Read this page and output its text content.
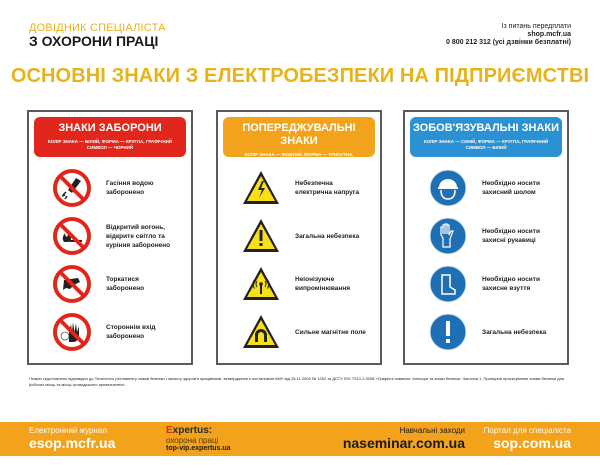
ДОВІДНИК СПЕЦІАЛІСТА
З ОХОРОНИ ПРАЦІ
Із питань передплати
shop.mcfr.ua
0 800 212 312 (усі дзвінки безплатні)
ОСНОВНІ ЗНАКИ З ЕЛЕКТРОБЕЗПЕКИ НА ПІДПРИЄМСТВІ
ЗНАКИ ЗАБОРОНИ
КОЛІР ЗНАКА — БІЛИЙ, ФОРМА — КРУГЛА, ГРАФІЧНИЙ СИМВОЛ — ЧОРНИЙ
Гасіння водою заборонено
Відкритий вогонь, відкрите світло та куріння заборонено
Торкатися заборонено
Стороннім вхід заборонено
ПОПЕРЕДЖУВАЛЬНІ ЗНАКИ
КОЛІР ЗНАКА — ЖОВТИЙ, ФОРМА — ТРИКУТНА, ГРАФІЧНИЙ СИМВОЛ — ЧОРНИЙ
Небезпечна електрична напруга
Загальна небезпека
Неіонізуюче випромінювання
Сильне магнітне поле
ЗОБОВ'ЯЗУВАЛЬНІ ЗНАКИ
КОЛІР ЗНАКА — СИНІЙ, ФОРМА — КРУГЛА, ГРАФІЧНИЙ СИМВОЛ — БІЛИЙ
Необхідно носити захисний шолом
Необхідно носити захисні рукавиці
Необхідно носити захисне взуття
Загальна небезпека
Плакат підготовлено відповідно до Технічного регламенту знаків безпеки і захисту здоров'я працівників, затвердженого постановою КМУ від 25.11.2009 № 1262 та ДСТУ ISO 7010-1:2008 «Графічні символи. Кольори та знаки безпеки. Частина 1. Принципи проєктування знаків безпеки для робочих місць та місць громадського призначення».
Електронний журнал
esop.mcfr.ua
Expertus:
охорона праці
top-vip.expertus.ua
Навчальні заходи
naseminar.com.ua
Портал для спеціаліста
sop.com.ua
